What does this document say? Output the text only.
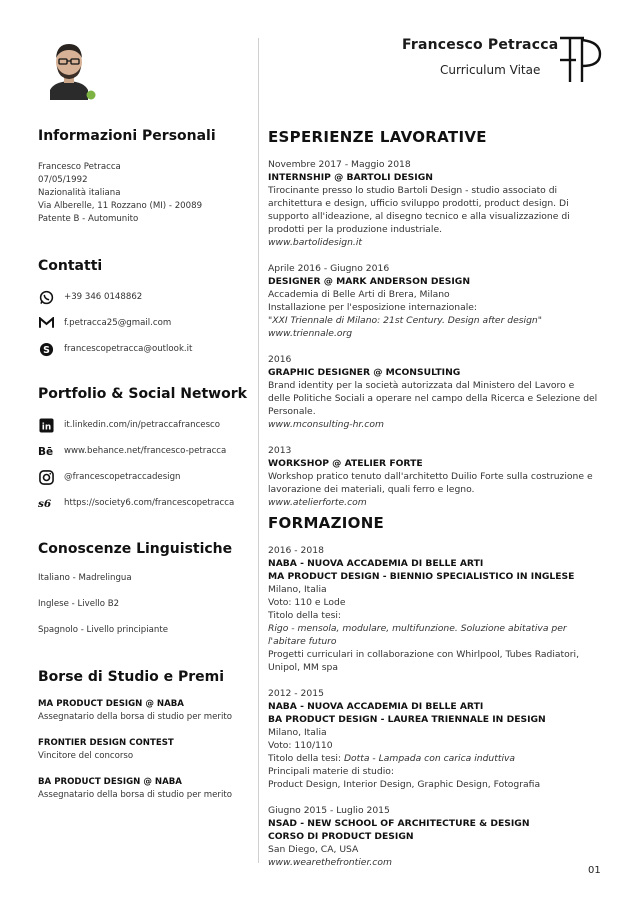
Francesco Petracca
Curriculum Vitae
Informazioni Personali
Francesco Petracca
07/05/1992
Nazionalità italiana
Via Alberelle, 11 Rozzano (MI) - 20089
Patente B - Automunito
Contatti
+39 346 0148862
f.petracca25@gmail.com
S francescopetracca@outlook.it
Portfolio & Social Network
in it.linkedin.com/in/petraccafrancesco
Bē www.behance.net/francesco-petracca
@francescopetraccadesign
s6 https://society6.com/francescopetracca
Conoscenze Linguistiche
Italiano - Madrelingua
Inglese - Livello B2
Spagnolo - Livello principiante
Borse di Studio e Premi
MA PRODUCT DESIGN @ NABA
Assegnatario della borsa di studio per merito
FRONTIER DESIGN CONTEST
Vincitore del concorso
BA PRODUCT DESIGN @ NABA
Assegnatario della borsa di studio per merito
ESPERIENZE LAVORATIVE
Novembre 2017 - Maggio 2018
INTERNSHIP @ BARTOLI DESIGN
Tirocinante presso lo studio Bartoli Design - studio associato di architettura e design, ufficio sviluppo prodotti, product design. Di supporto all'ideazione, al disegno tecnico e alla visualizzazione di prodotti per la produzione industriale.
www.bartolidesign.it
Aprile 2016 - Giugno 2016
DESIGNER @ MARK ANDERSON DESIGN
Accademia di Belle Arti di Brera, Milano
Installazione per l'esposizione internazionale:
"XXI Triennale di Milano: 21st Century. Design after design"
www.triennale.org
2016
GRAPHIC DESIGNER @ MCONSULTING
Brand identity per la società autorizzata dal Ministero del Lavoro e delle Politiche Sociali a operare nel campo della Ricerca e Selezione del Personale.
www.mconsulting-hr.com
2013
WORKSHOP @ ATELIER FORTE
Workshop pratico tenuto dall'architetto Duilio Forte sulla costruzione e lavorazione dei materiali, quali ferro e legno.
www.atelierforte.com
FORMAZIONE
2016 - 2018
NABA - NUOVA ACCADEMIA DI BELLE ARTI
MA PRODUCT DESIGN - BIENNIO SPECIALISTICO IN INGLESE
Milano, Italia
Voto: 110 e Lode
Titolo della tesi:
Rigo - mensola, modulare, multifunzione. Soluzione abitativa per l'abitare futuro
Progetti curriculari in collaborazione con Whirlpool, Tubes Radiatori, Unipol, MM spa
2012 - 2015
NABA - NUOVA ACCADEMIA DI BELLE ARTI
BA PRODUCT DESIGN - LAUREA TRIENNALE IN DESIGN
Milano, Italia
Voto: 110/110
Titolo della tesi: Dotta - Lampada con carica induttiva
Principali materie di studio:
Product Design, Interior Design, Graphic Design, Fotografia
Giugno 2015 - Luglio 2015
NSAD - NEW SCHOOL OF ARCHITECTURE & DESIGN
CORSO DI PRODUCT DESIGN
San Diego, CA, USA
www.wearethefrontier.com
01
